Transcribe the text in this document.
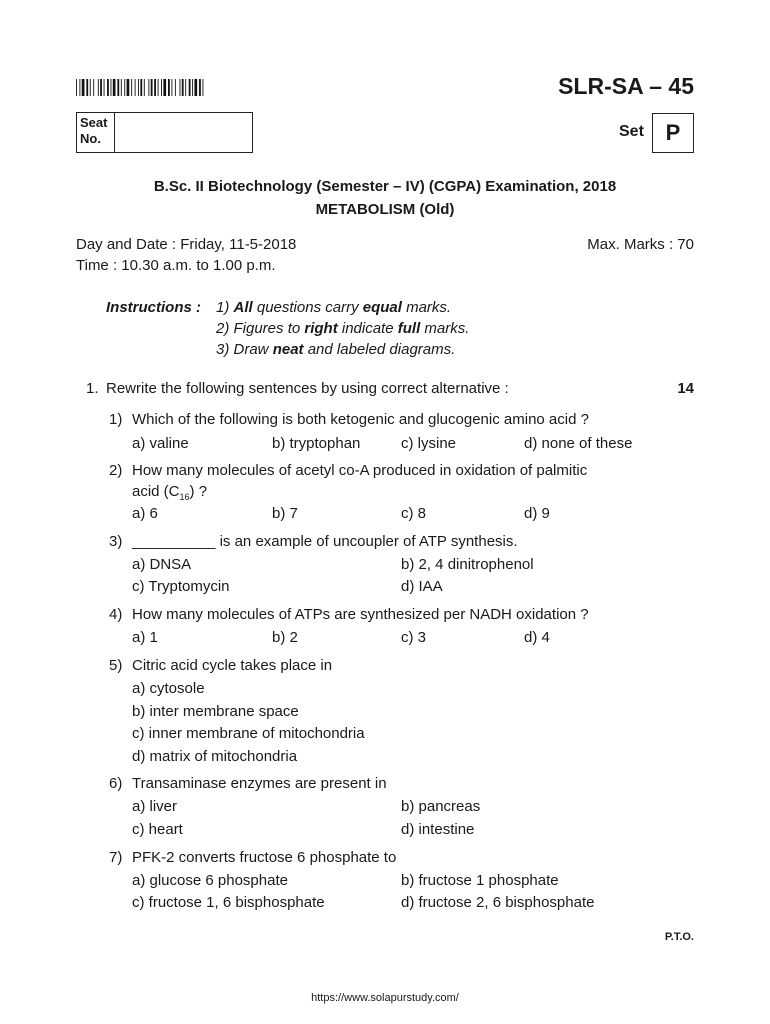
SLR-SA – 45
Seat
No.	Set P
B.Sc. II Biotechnology (Semester – IV) (CGPA) Examination, 2018
METABOLISM (Old)
Day and Date : Friday, 11-5-2018	Max. Marks : 70
Time : 10.30 a.m. to 1.00 p.m.
Instructions : 1) All questions carry equal marks.
2) Figures to right indicate full marks.
3) Draw neat and labeled diagrams.
1. Rewrite the following sentences by using correct alternative :	14
1) Which of the following is both ketogenic and glucogenic amino acid ?
a) valine	b) tryptophan	c) lysine	d) none of these
2) How many molecules of acetyl co-A produced in oxidation of palmitic
acid $(C_{16})$ ?
a) 6	b) 7	c) 8	d) 9
3) __________ is an example of uncoupler of ATP synthesis.
a) DNSA	b) 2, 4 dinitrophenol
c) Tryptomycin	d) IAA
4) How many molecules of ATPs are synthesized per NADH oxidation ?
a) 1	b) 2	c) 3	d) 4
5) Citric acid cycle takes place in
a) cytosole
b) inter membrane space
c) inner membrane of mitochondria
d) matrix of mitochondria
6) Transaminase enzymes are present in
a) liver	b) pancreas
c) heart	d) intestine
7) PFK-2 converts fructose 6 phosphate to
a) glucose 6 phosphate	b) fructose 1 phosphate
c) fructose 1, 6 bisphosphate	d) fructose 2, 6 bisphosphate
P.T.O.
https://www.solapurstudy.com/
